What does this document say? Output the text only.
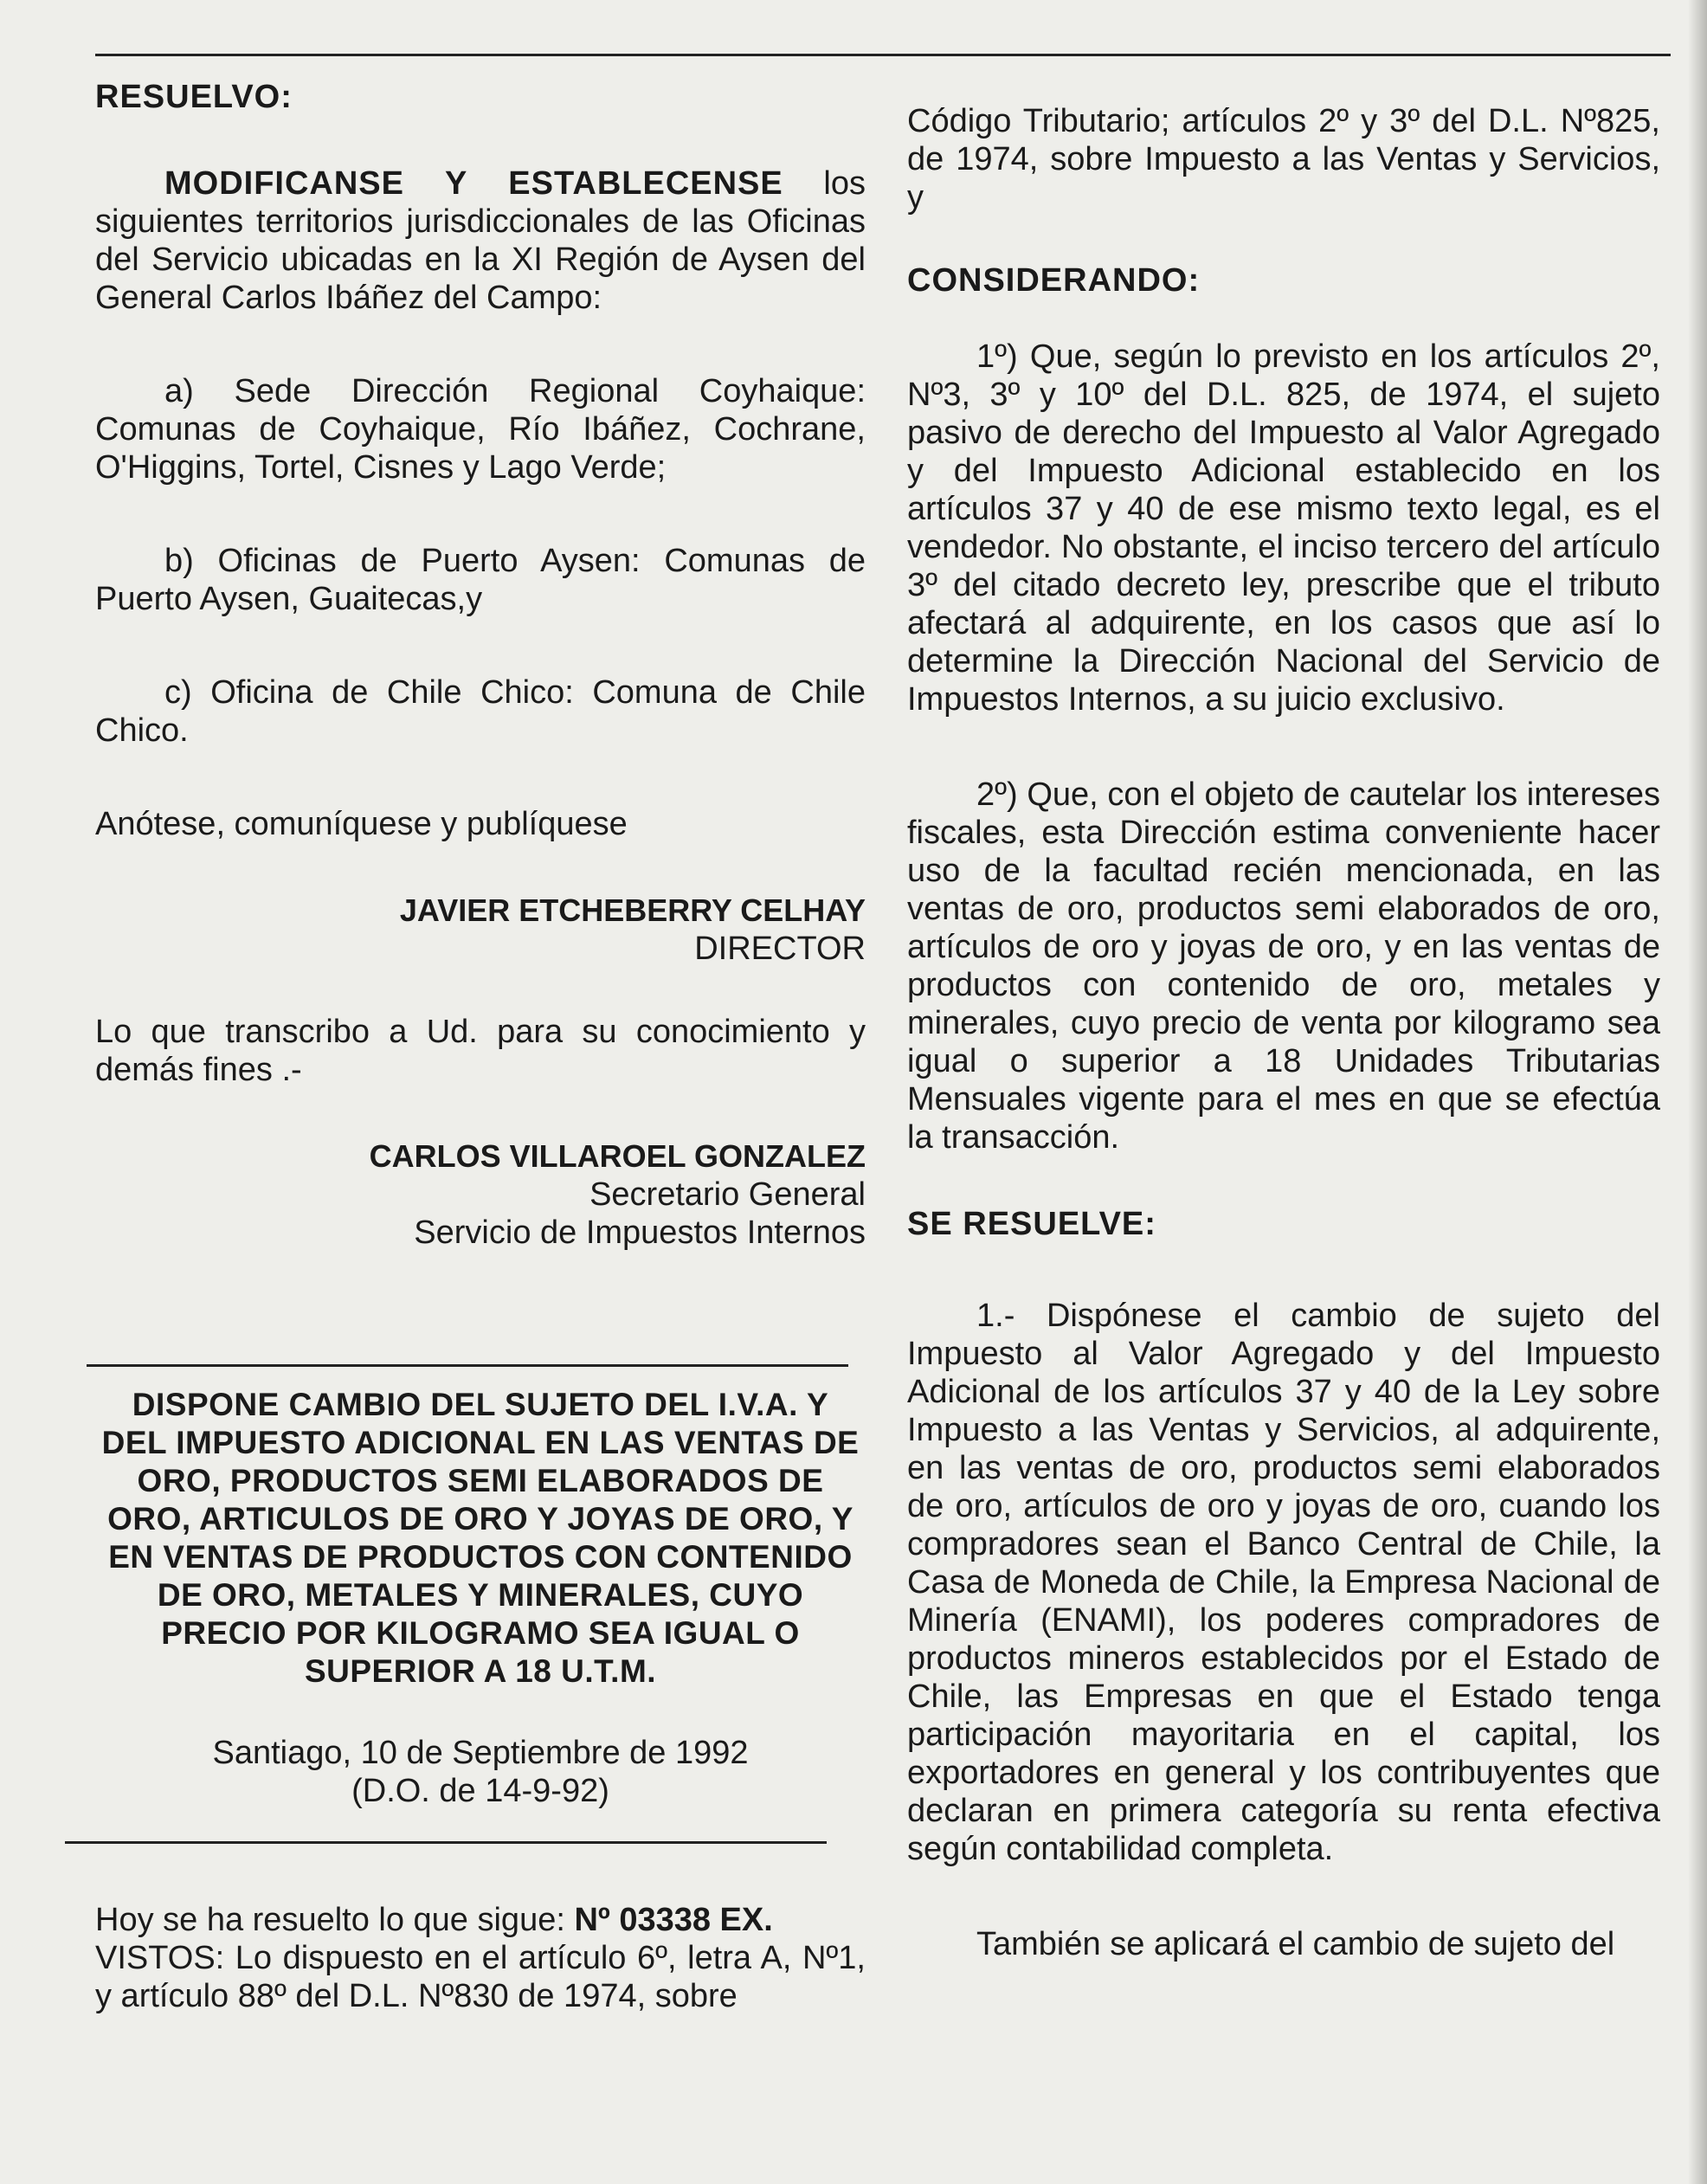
RESUELVO:

MODIFICANSE Y ESTABLECENSE los siguientes territorios jurisdiccionales de las Oficinas del Servicio ubicadas en la XI Región de Aysen del General Carlos Ibáñez del Campo:

a) Sede Dirección Regional Coyhaique: Comunas de Coyhaique, Río Ibáñez, Cochrane, O'Higgins, Tortel, Cisnes y Lago Verde;

b) Oficinas de Puerto Aysen: Comunas de Puerto Aysen, Guaitecas,y

c) Oficina de Chile Chico: Comuna de Chile Chico.

Anótese, comuníquese y publíquese

JAVIER ETCHEBERRY CELHAY

DIRECTOR

Lo que transcribo a Ud. para su conocimiento y demás fines .-

CARLOS VILLAROEL GONZALEZ

Secretario General

Servicio de Impuestos Internos

DISPONE CAMBIO DEL SUJETO DEL I.V.A. Y DEL IMPUESTO ADICIONAL EN LAS VENTAS DE ORO, PRODUCTOS SEMI ELABORADOS DE ORO, ARTICULOS DE ORO Y JOYAS DE ORO, Y EN VENTAS DE PRODUCTOS CON CONTENIDO DE ORO, METALES Y MINERALES, CUYO PRECIO POR KILOGRAMO SEA IGUAL O SUPERIOR A 18 U.T.M.

Santiago, 10 de Septiembre de 1992

(D.O. de 14-9-92)

Hoy se ha resuelto lo que sigue: Nº 03338 EX.

VISTOS: Lo dispuesto en el artículo 6º, letra A, Nº1, y artículo 88º del D.L. Nº830 de 1974, sobre

Código Tributario; artículos 2º y 3º del D.L. Nº825, de 1974, sobre Impuesto a las Ventas y Servicios, y

CONSIDERANDO:

1º) Que, según lo previsto en los artículos 2º, Nº3, 3º y 10º del D.L. 825, de 1974, el sujeto pasivo de derecho del Impuesto al Valor Agregado y del Impuesto Adicional establecido en los artículos 37 y 40 de ese mismo texto legal, es el vendedor. No obstante, el inciso tercero del artículo 3º del citado decreto ley, prescribe que el tributo afectará al adquirente, en los casos que así lo determine la Dirección Nacional del Servicio de Impuestos Internos, a su juicio exclusivo.

2º) Que, con el objeto de cautelar los intereses fiscales, esta Dirección estima conveniente hacer uso de la facultad recién mencionada, en las ventas de oro, productos semi elaborados de oro, artículos de oro y joyas de oro, y en las ventas de productos con contenido de oro, metales y minerales, cuyo precio de venta por kilogramo sea igual o superior a 18 Unidades Tributarias Mensuales vigente para el mes en que se efectúa la transacción.

SE RESUELVE:

1.- Dispónese el cambio de sujeto del Impuesto al Valor Agregado y del Impuesto Adicional de los artículos 37 y 40 de la Ley sobre Impuesto a las Ventas y Servicios, al adquirente, en las ventas de oro, productos semi elaborados de oro, artículos de oro y joyas de oro, cuando los compradores sean el Banco Central de Chile, la Casa de Moneda de Chile, la Empresa Nacional de Minería (ENAMI), los poderes compradores de productos mineros establecidos por el Estado de Chile, las Empresas en que el Estado tenga participación mayoritaria en el capital, los exportadores en general y los contribuyentes que declaran en primera categoría su renta efectiva según contabilidad completa.

También se aplicará el cambio de sujeto del
